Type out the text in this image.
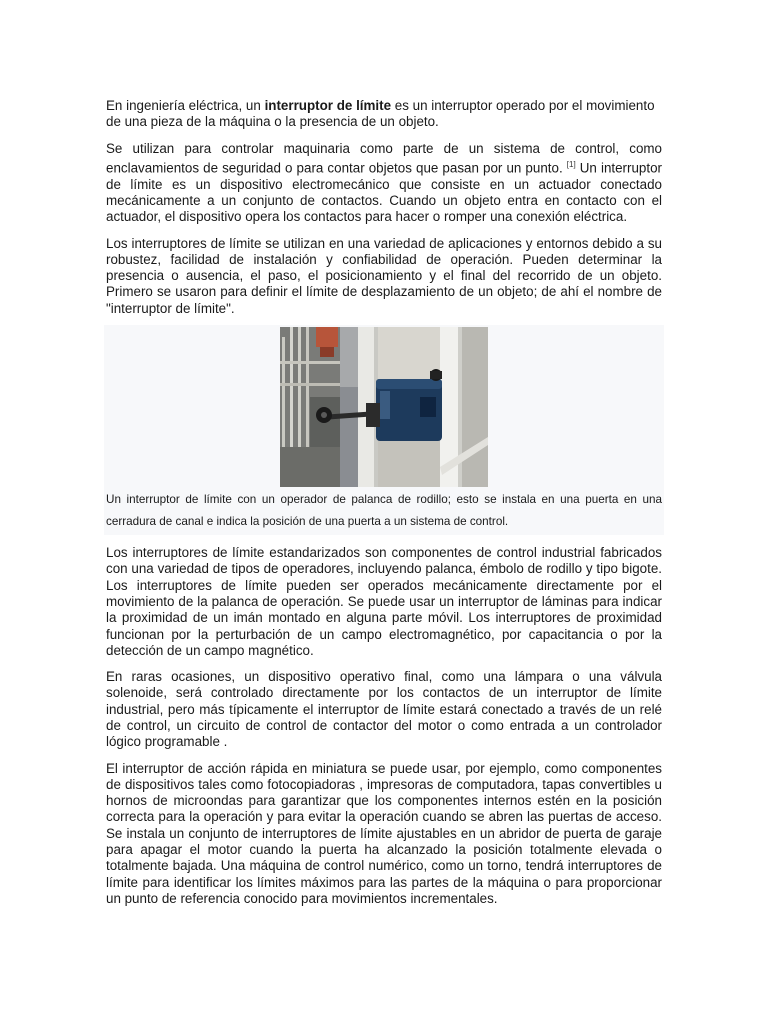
En ingeniería eléctrica, un interruptor de límite es un interruptor operado por el movimiento de una pieza de la máquina o la presencia de un objeto.

Se utilizan para controlar maquinaria como parte de un sistema de control, como enclavamientos de seguridad o para contar objetos que pasan por un punto. [1] Un interruptor de límite es un dispositivo electromecánico que consiste en un actuador conectado mecánicamente a un conjunto de contactos. Cuando un objeto entra en contacto con el actuador, el dispositivo opera los contactos para hacer o romper una conexión eléctrica.

Los interruptores de límite se utilizan en una variedad de aplicaciones y entornos debido a su robustez, facilidad de instalación y confiabilidad de operación. Pueden determinar la presencia o ausencia, el paso, el posicionamiento y el final del recorrido de un objeto. Primero se usaron para definir el límite de desplazamiento de un objeto; de ahí el nombre de "interruptor de límite".

Un interruptor de límite con un operador de palanca de rodillo; esto se instala en una puerta en una cerradura de canal e indica la posición de una puerta a un sistema de control.

Los interruptores de límite estandarizados son componentes de control industrial fabricados con una variedad de tipos de operadores, incluyendo palanca, émbolo de rodillo y tipo bigote. Los interruptores de límite pueden ser operados mecánicamente directamente por el movimiento de la palanca de operación. Se puede usar un interruptor de láminas para indicar la proximidad de un imán montado en alguna parte móvil. Los interruptores de proximidad funcionan por la perturbación de un campo electromagnético, por capacitancia o por la detección de un campo magnético.

En raras ocasiones, un dispositivo operativo final, como una lámpara o una válvula solenoide, será controlado directamente por los contactos de un interruptor de límite industrial, pero más típicamente el interruptor de límite estará conectado a través de un relé de control, un circuito de control de contactor del motor o como entrada a un controlador lógico programable .

El interruptor de acción rápida en miniatura se puede usar, por ejemplo, como componentes de dispositivos tales como fotocopiadoras , impresoras de computadora, tapas convertibles u hornos de microondas para garantizar que los componentes internos estén en la posición correcta para la operación y para evitar la operación cuando se abren las puertas de acceso. Se instala un conjunto de interruptores de límite ajustables en un abridor de puerta de garaje para apagar el motor cuando la puerta ha alcanzado la posición totalmente elevada o totalmente bajada. Una máquina de control numérico, como un torno, tendrá interruptores de límite para identificar los límites máximos para las partes de la máquina o para proporcionar un punto de referencia conocido para movimientos incrementales.
